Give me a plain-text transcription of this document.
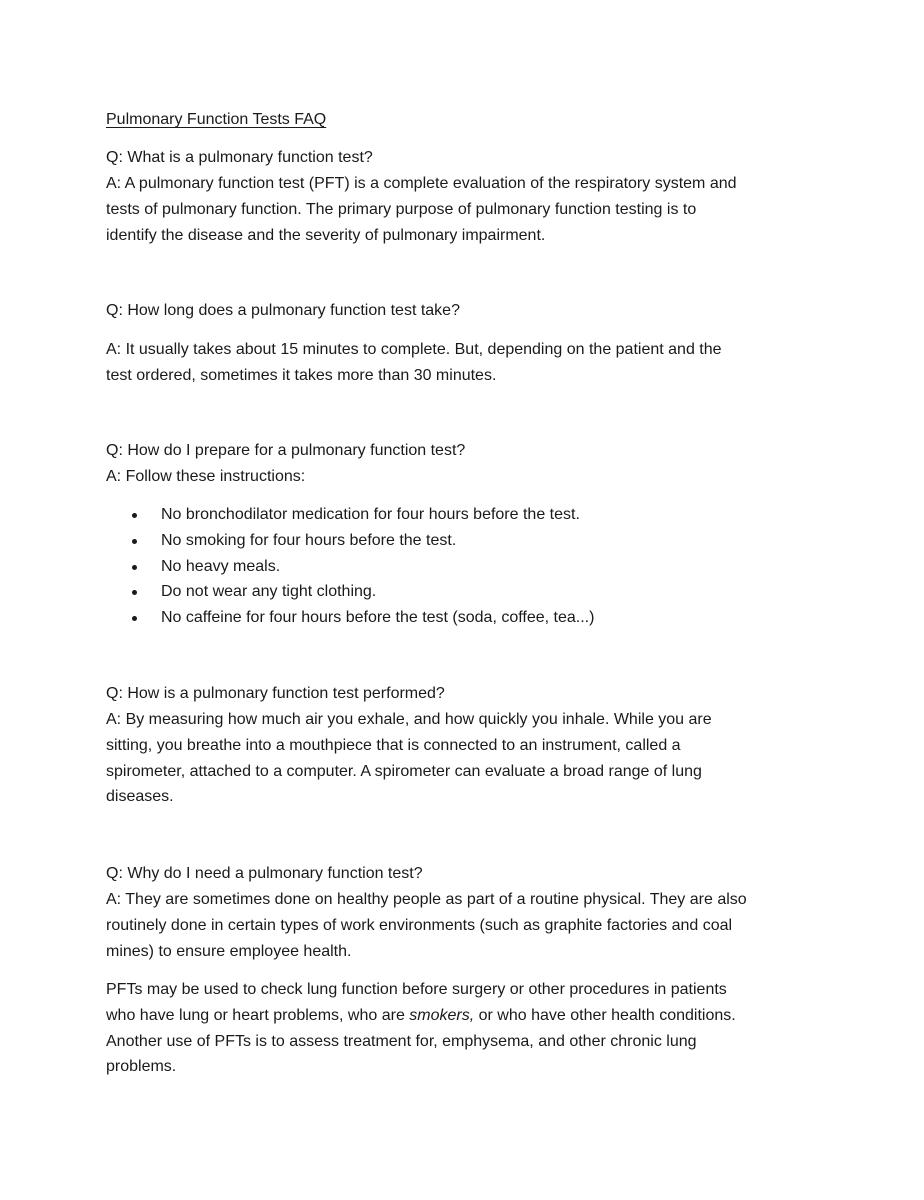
Pulmonary Function Tests FAQ
Q: What is a pulmonary function test?
A: A pulmonary function test (PFT) is a complete evaluation of the respiratory system and
tests of pulmonary function. The primary purpose of pulmonary function testing is to
identify the disease and the severity of pulmonary impairment.
Q: How long does a pulmonary function test take?
A: It usually takes about 15 minutes to complete. But, depending on the patient and the
test ordered, sometimes it takes more than 30 minutes.
Q: How do I prepare for a pulmonary function test?
A: Follow these instructions:
No bronchodilator medication for four hours before the test.
No smoking for four hours before the test.
No heavy meals.
Do not wear any tight clothing.
No caffeine for four hours before the test (soda, coffee, tea...)
Q: How is a pulmonary function test performed?
A: By measuring how much air you exhale, and how quickly you inhale. While you are
sitting, you breathe into a mouthpiece that is connected to an instrument, called a
spirometer, attached to a computer. A spirometer can evaluate a broad range of lung
diseases.
Q: Why do I need a pulmonary function test?
A: They are sometimes done on healthy people as part of a routine physical. They are also
routinely done in certain types of work environments (such as graphite factories and coal
mines) to ensure employee health.
PFTs may be used to check lung function before surgery or other procedures in patients
who have lung or heart problems, who are smokers, or who have other health conditions.
Another use of PFTs is to assess treatment for, emphysema, and other chronic lung
problems.
